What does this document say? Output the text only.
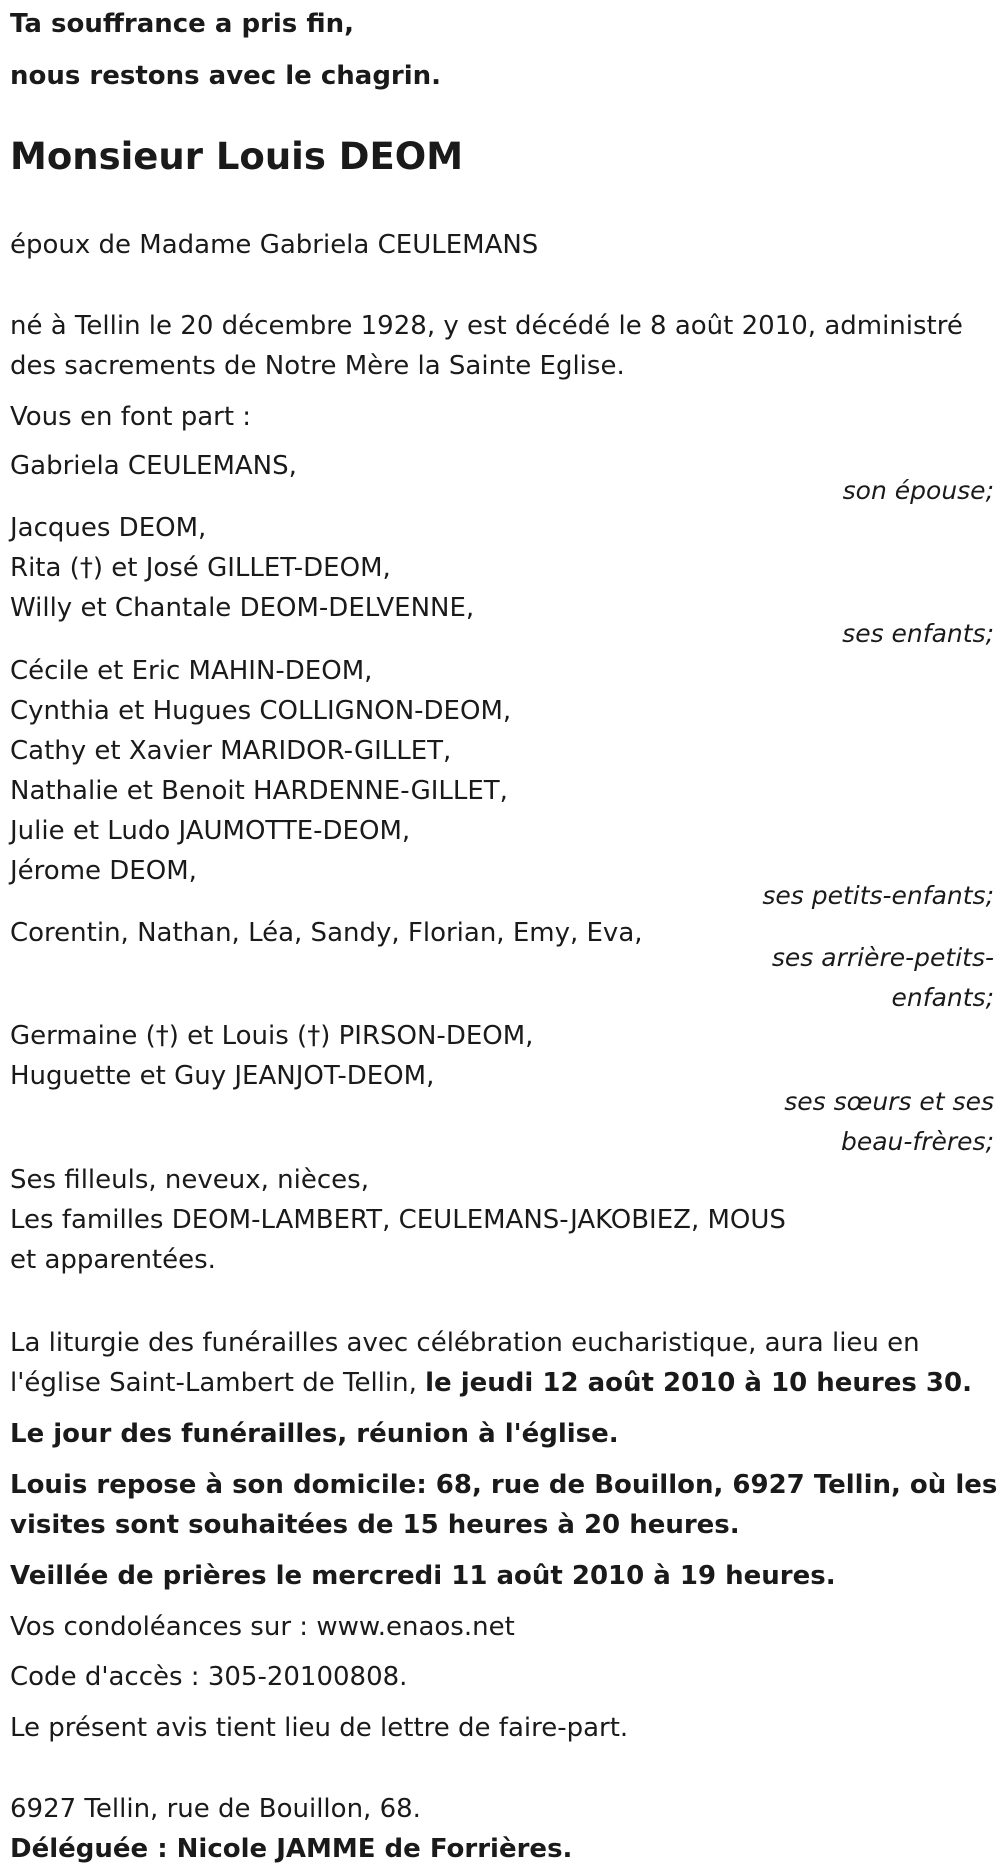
Ta souffrance a pris fin,
nous restons avec le chagrin.
Monsieur Louis DEOM
époux de Madame Gabriela CEULEMANS
né à Tellin le 20 décembre 1928, y est décédé le 8 août 2010, administré
des sacrements de Notre Mère la Sainte Eglise.
Vous en font part :
Gabriela CEULEMANS,
son épouse;
Jacques DEOM,
Rita (†) et José GILLET-DEOM,
Willy et Chantale DEOM-DELVENNE,
ses enfants;
Cécile et Eric MAHIN-DEOM,
Cynthia et Hugues COLLIGNON-DEOM,
Cathy et Xavier MARIDOR-GILLET,
Nathalie et Benoit HARDENNE-GILLET,
Julie et Ludo JAUMOTTE-DEOM,
Jérome DEOM,
ses petits-enfants;
Corentin, Nathan, Léa, Sandy, Florian, Emy, Eva,
ses arrière-petits-
enfants;
Germaine (†) et Louis (†) PIRSON-DEOM,
Huguette et Guy JEANJOT-DEOM,
ses sœurs et ses
beau-frères;
Ses filleuls, neveux, nièces,
Les familles DEOM-LAMBERT, CEULEMANS-JAKOBIEZ, MOUS
et apparentées.
La liturgie des funérailles avec célébration eucharistique, aura lieu en
l'église Saint-Lambert de Tellin, le jeudi 12 août 2010 à 10 heures 30.
Le jour des funérailles, réunion à l'église.
Louis repose à son domicile: 68, rue de Bouillon, 6927 Tellin, où les
visites sont souhaitées de 15 heures à 20 heures.
Veillée de prières le mercredi 11 août 2010 à 19 heures.
Vos condoléances sur : www.enaos.net
Code d'accès : 305-20100808.
Le présent avis tient lieu de lettre de faire-part.
6927 Tellin, rue de Bouillon, 68.
Déléguée : Nicole JAMME de Forrières.
